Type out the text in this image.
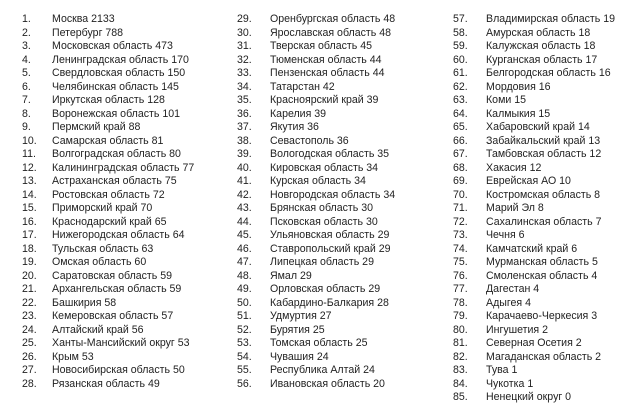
1.	Москва 2133
2.	Петербург 788
3.	Московская область 473
4.	Ленинградская область 170
5.	Свердловская область 150
6.	Челябинская область 145
7.	Иркутская область 128
8.	Воронежская область 101
9.	Пермский край 88
10.	Самарская область 81
11.	Волгоградская область 80
12.	Калининградская область 77
13.	Астраханская область 75
14.	Ростовская область 72
15.	Приморский край 70
16.	Краснодарский край 65
17.	Нижегородская область 64
18.	Тульская область 63
19.	Омская область 60
20.	Саратовская область 59
21.	Архангельская область 59
22.	Башкирия 58
23.	Кемеровская область 57
24.	Алтайский край 56
25.	Ханты-Мансийский округ 53
26.	Крым 53
27.	Новосибирская область 50
28.	Рязанская область 49
29.	Оренбургская область 48
30.	Ярославская область 48
31.	Тверская область 45
32.	Тюменская область 44
33.	Пензенская область 44
34.	Татарстан 42
35.	Красноярский край 39
36.	Карелия 39
37.	Якутия 36
38.	Севастополь 36
39.	Вологодская область 35
40.	Кировская область 34
41.	Курская область 34
42.	Новгородская область 34
43.	Брянская область 30
44.	Псковская область 30
45.	Ульяновская область 29
46.	Ставропольский край 29
47.	Липецкая область 29
48.	Ямал 29
49.	Орловская область 29
50.	Кабардино-Балкария 28
51.	Удмуртия 27
52.	Бурятия 25
53.	Томская область 25
54.	Чувашия 24
55.	Республика Алтай 24
56.	Ивановская область 20
57.	Владимирская область 19
58.	Амурская область 18
59.	Калужская область 18
60.	Курганская область 17
61.	Белгородская область 16
62.	Мордовия 16
63.	Коми 15
64.	Калмыкия 15
65.	Хабаровский край 14
66.	Забайкальский край 13
67.	Тамбовская область 12
68.	Хакасия 12
69.	Еврейская АО 10
70.	Костромская область 8
71.	Марий Эл 8
72.	Сахалинская область 7
73.	Чечня 6
74.	Камчатский край 6
75.	Мурманская область 5
76.	Смоленская область 4
77.	Дагестан 4
78.	Адыгея 4
79.	Карачаево-Черкесия 3
80.	Ингушетия 2
81.	Северная Осетия 2
82.	Магаданская область 2
83.	Тува 1
84.	Чукотка 1
85.	Ненецкий округ 0
